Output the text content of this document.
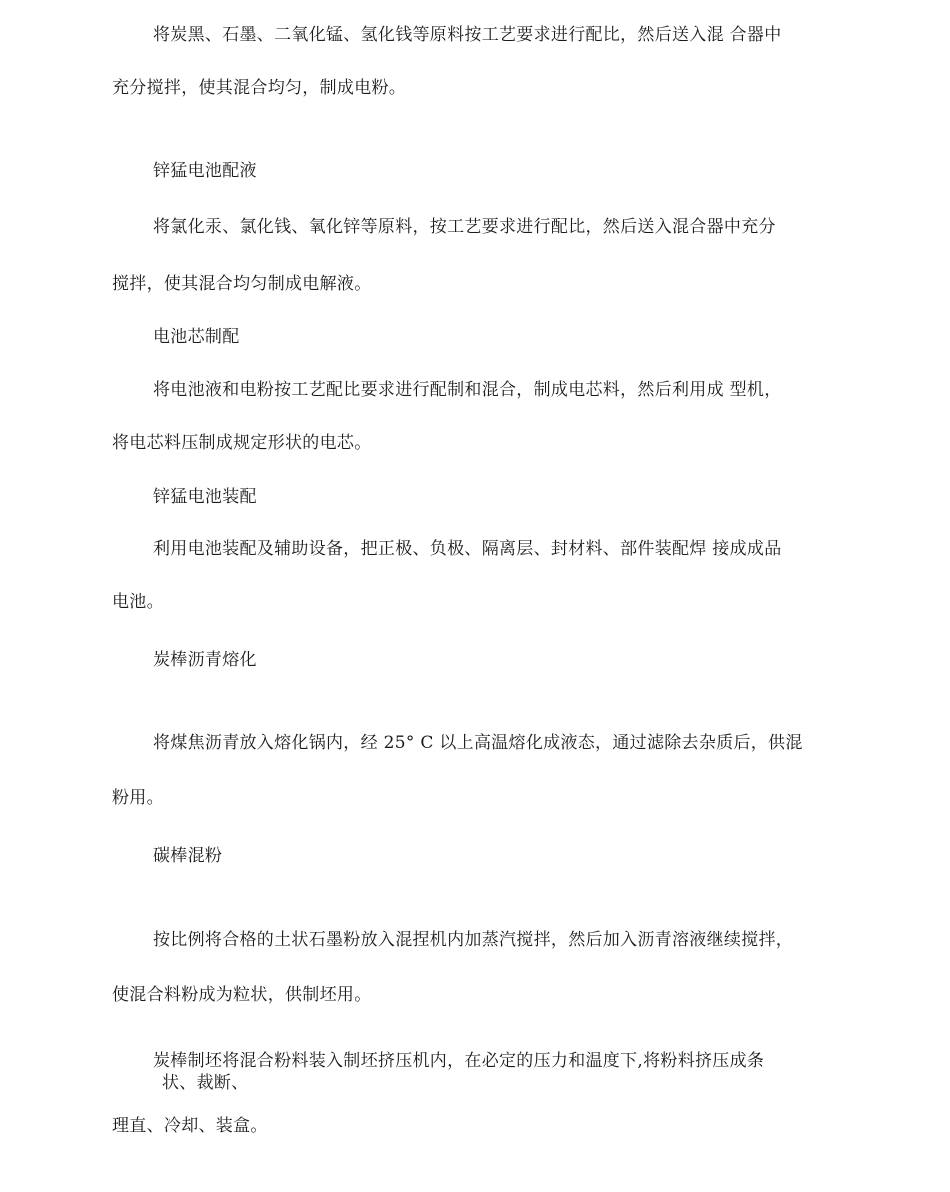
将炭黑、石墨、二氧化锰、氢化钱等原料按工艺要求进行配比，然后送入混 合器中
充分搅拌，使其混合均匀，制成电粉。
锌猛电池配液
将氯化汞、氯化钱、氧化锌等原料，按工艺要求进行配比，然后送入混合器中充分
搅拌，使其混合均匀制成电解液。
电池芯制配
将电池液和电粉按工艺配比要求进行配制和混合，制成电芯料，然后利用成 型机，
将电芯料压制成规定形状的电芯。
锌猛电池装配
利用电池装配及辅助设备，把正极、负极、隔离层、封材料、部件装配焊 接成成品
电池。
炭棒沥青熔化
将煤焦沥青放入熔化锅内，经 25° C 以上高温熔化成液态，通过滤除去杂质后，供混
粉用。
碳棒混粉
按比例将合格的土状石墨粉放入混捏机内加蒸汽搅拌，然后加入沥青溶液继续搅拌，
使混合料粉成为粒状，供制坯用。
炭棒制坯将混合粉料装入制坯挤压机内，在必定的压力和温度下,将粉料挤压成条
状、裁断、
理直、冷却、装盒。
